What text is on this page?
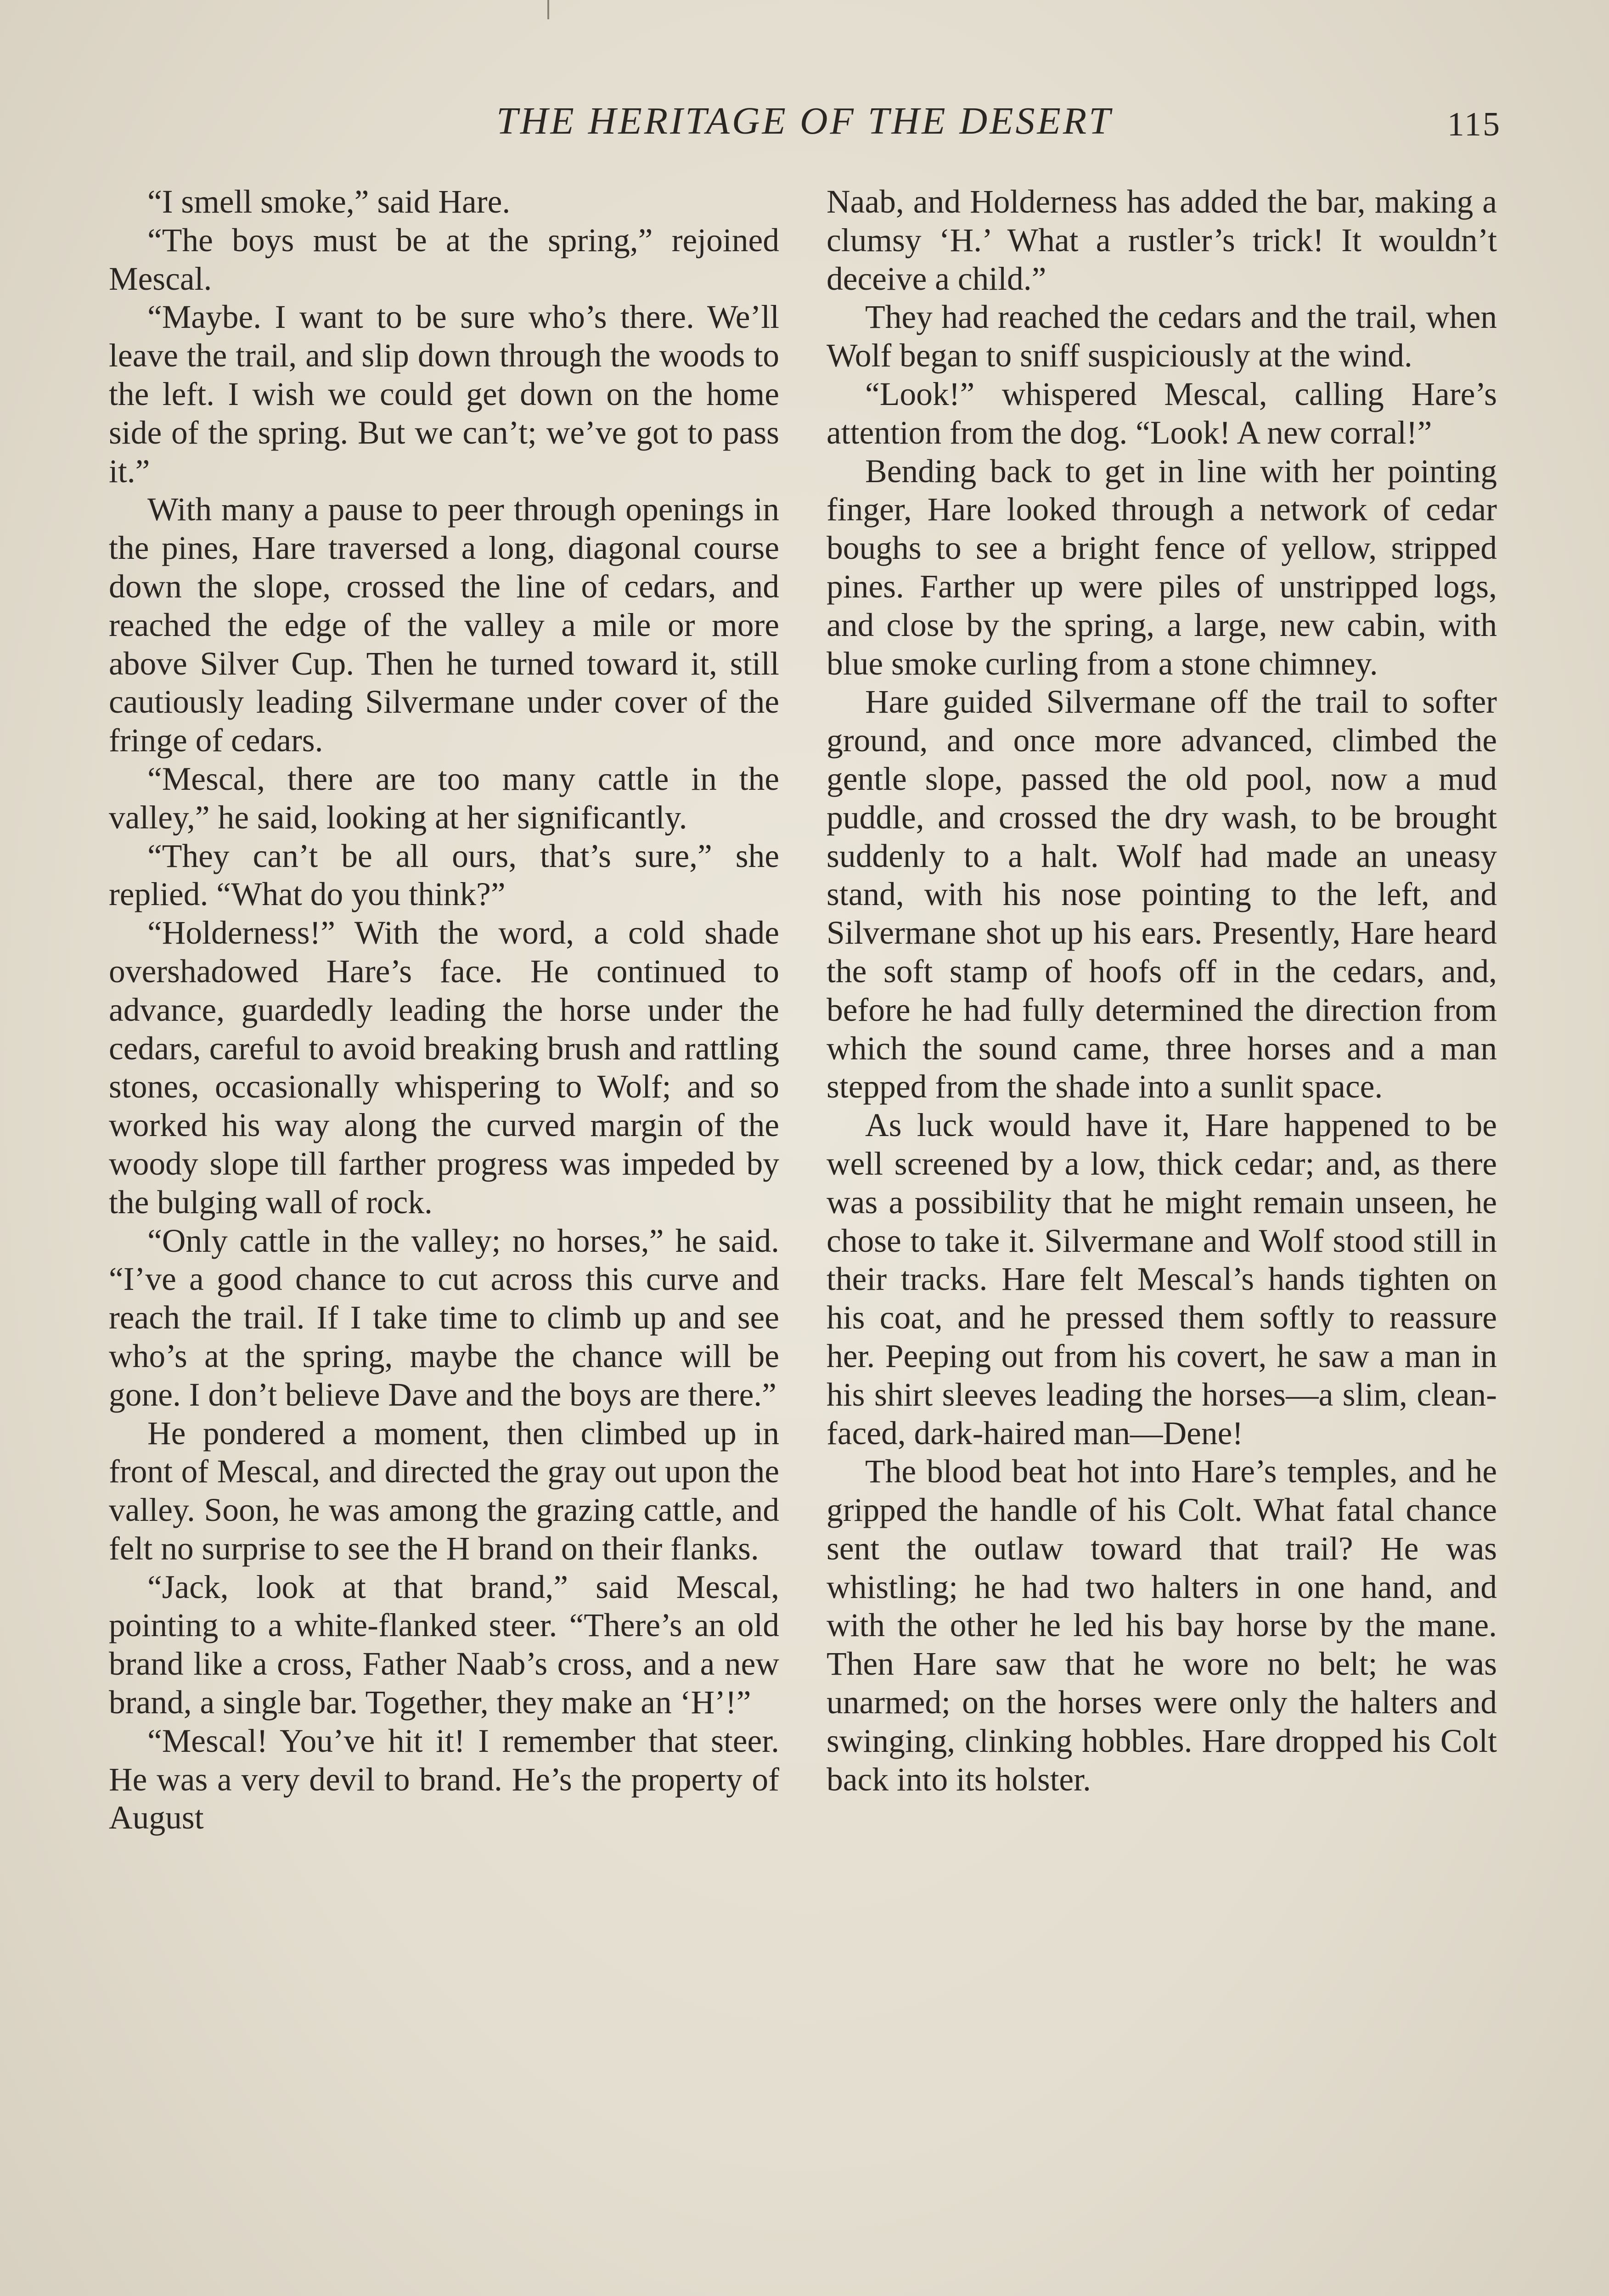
THE HERITAGE OF THE DESERT	115

“I smell smoke,” said Hare.

“The boys must be at the spring,” rejoined Mescal.

“Maybe. I want to be sure who’s there. We’ll leave the trail, and slip down through the woods to the left. I wish we could get down on the home side of the spring. But we can’t; we’ve got to pass it.”

With many a pause to peer through openings in the pines, Hare traversed a long, diagonal course down the slope, crossed the line of cedars, and reached the edge of the valley a mile or more above Silver Cup. Then he turned toward it, still cautiously leading Silvermane under cover of the fringe of cedars.

“Mescal, there are too many cattle in the valley,” he said, looking at her significantly.

“They can’t be all ours, that’s sure,” she replied. “What do you think?”

“Holderness!” With the word, a cold shade overshadowed Hare’s face. He continued to advance, guardedly leading the horse under the cedars, careful to avoid breaking brush and rattling stones, occasionally whispering to Wolf; and so worked his way along the curved margin of the woody slope till farther progress was impeded by the bulging wall of rock.

“Only cattle in the valley; no horses,” he said. “I’ve a good chance to cut across this curve and reach the trail. If I take time to climb up and see who’s at the spring, maybe the chance will be gone. I don’t believe Dave and the boys are there.”

He pondered a moment, then climbed up in front of Mescal, and directed the gray out upon the valley. Soon, he was among the grazing cattle, and felt no surprise to see the H brand on their flanks.

“Jack, look at that brand,” said Mescal, pointing to a white-flanked steer. “There’s an old brand like a cross, Father Naab’s cross, and a new brand, a single bar. Together, they make an ‘H’!”

“Mescal! You’ve hit it! I remember that steer. He was a very devil to brand. He’s the property of August

Naab, and Holderness has added the bar, making a clumsy ‘H.’ What a rustler’s trick! It wouldn’t deceive a child.”

They had reached the cedars and the trail, when Wolf began to sniff suspiciously at the wind.

“Look!” whispered Mescal, calling Hare’s attention from the dog. “Look! A new corral!”

Bending back to get in line with her pointing finger, Hare looked through a network of cedar boughs to see a bright fence of yellow, stripped pines. Farther up were piles of unstripped logs, and close by the spring, a large, new cabin, with blue smoke curling from a stone chimney.

Hare guided Silvermane off the trail to softer ground, and once more advanced, climbed the gentle slope, passed the old pool, now a mud puddle, and crossed the dry wash, to be brought suddenly to a halt. Wolf had made an uneasy stand, with his nose pointing to the left, and Silvermane shot up his ears. Presently, Hare heard the soft stamp of hoofs off in the cedars, and, before he had fully determined the direction from which the sound came, three horses and a man stepped from the shade into a sunlit space.

As luck would have it, Hare happened to be well screened by a low, thick cedar; and, as there was a possibility that he might remain unseen, he chose to take it. Silvermane and Wolf stood still in their tracks. Hare felt Mescal’s hands tighten on his coat, and he pressed them softly to reassure her. Peeping out from his covert, he saw a man in his shirt sleeves leading the horses—a slim, clean-faced, dark-haired man—Dene!

The blood beat hot into Hare’s temples, and he gripped the handle of his Colt. What fatal chance sent the outlaw toward that trail? He was whistling; he had two halters in one hand, and with the other he led his bay horse by the mane. Then Hare saw that he wore no belt; he was unarmed; on the horses were only the halters and swinging, clinking hobbles. Hare dropped his Colt back into its holster.
